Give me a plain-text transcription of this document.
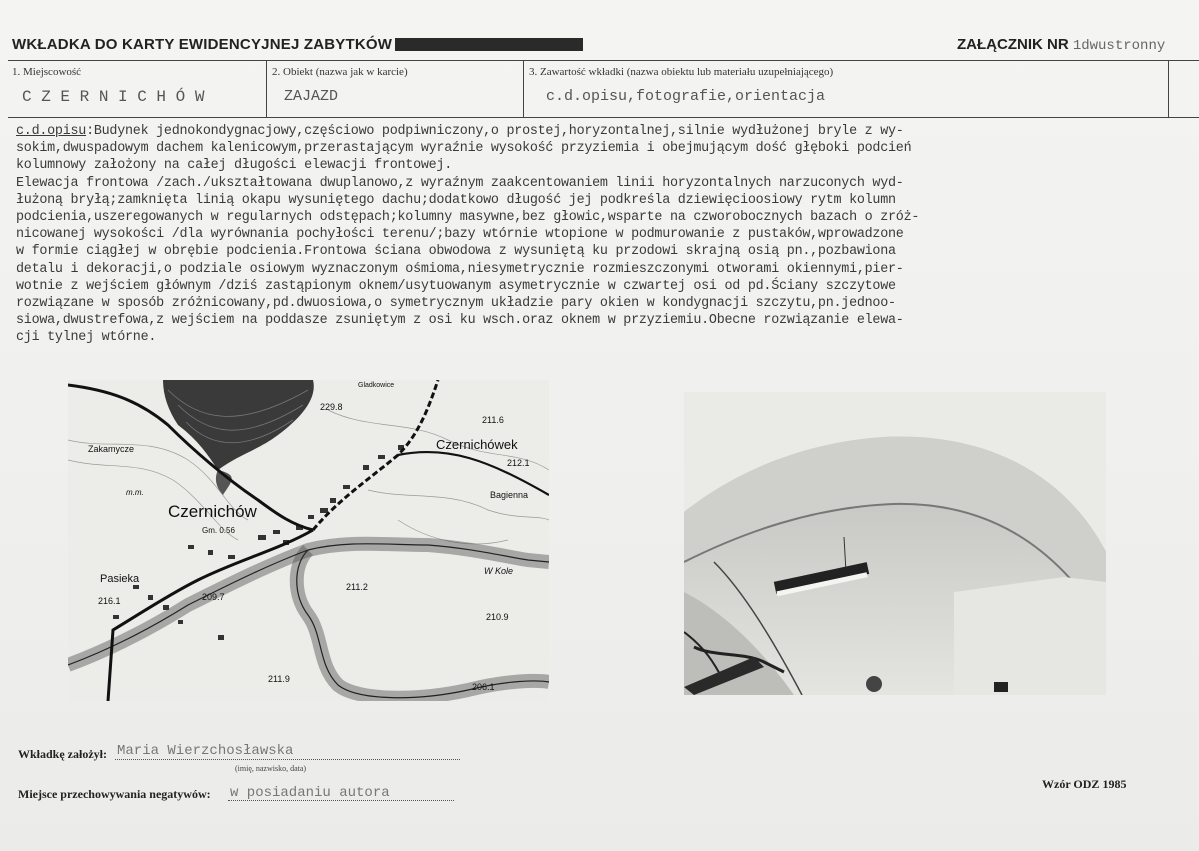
WKŁADKA DO KARTY EWIDENCYJNEJ ZABYTKÓW	ZAŁĄCZNIK NR 1dwustronny
1. Miejscowość
C Z E R N I C H Ó W
2. Obiekt (nazwa jak w karcie)
ZAJAZD
3. Zawartość wkładki (nazwa obiektu lub materiału uzupełniającego)
c.d.opisu,fotografie,orientacja
c.d.opisu:Budynek jednokondygnacjowy,częściowo podpiwniczony,o prostej,horyzontalnej,silnie wydłużonej bryle z wy-
sokim,dwuspadowym dachem kalenicowym,przerastającym wyraźnie wysokość przyziemia i obejmującym dość głęboki podcień
kolumnowy założony na całej długości elewacji frontowej.
Elewacja frontowa /zach./ukształtowana dwuplanowo,z wyraźnym zaakcentowaniem linii horyzontalnych narzuconych wyd-
łużoną bryłą;zamknięta linią okapu wysuniętego dachu;dodatkowo długość jej podkreśla dziewięcioosiowy rytm kolumn
podcienia,uszeregowanych w regularnych odstępach;kolumny masywne,bez głowic,wsparte na czworobocznych bazach o zróż-
nicowanej wysokości /dla wyrównania pochyłości terenu/;bazy wtórnie wtopione w podmurowanie z pustaków,wprowadzone
w formie ciągłej w obrębie podcienia.Frontowa ściana obwodowa z wysuniętą ku przodowi skrajną osią pn.,pozbawiona
detalu i dekoracji,o podziale osiowym wyznaczonym ośmioma,niesymetrycznie rozmieszczonymi otworami okiennymi,pier-
wotnie z wejściem głównym /dziś zastąpionym oknem/usytuowanym asymetrycznie w czwartej osi od pd.Ściany szczytowe
rozwiązane w sposób zróżnicowany,pd.dwuosiowa,o symetrycznym układzie pary okien w kondygnacji szczytu,pn.jednoo-
siowa,dwustrefowa,z wejściem na poddasze zsuniętym z osi ku wsch.oraz oknem w przyziemiu.Obecne rozwiązanie elewa-
cji tylnej wtórne.
229.8
211.6
212.1
211.2
210.9
209.7
216.1
211.9
206.1
Czernichów
Czernichówek
Zakamycze
Pasieka
Bagienna
W Kole
Gm. 0.56
m.m.
Gladkowice
Wkładkę założył: Maria Wierzchosławska
(imię, nazwisko, data)
Miejsce przechowywania negatywów: w posiadaniu autora
Wzór ODZ 1985
